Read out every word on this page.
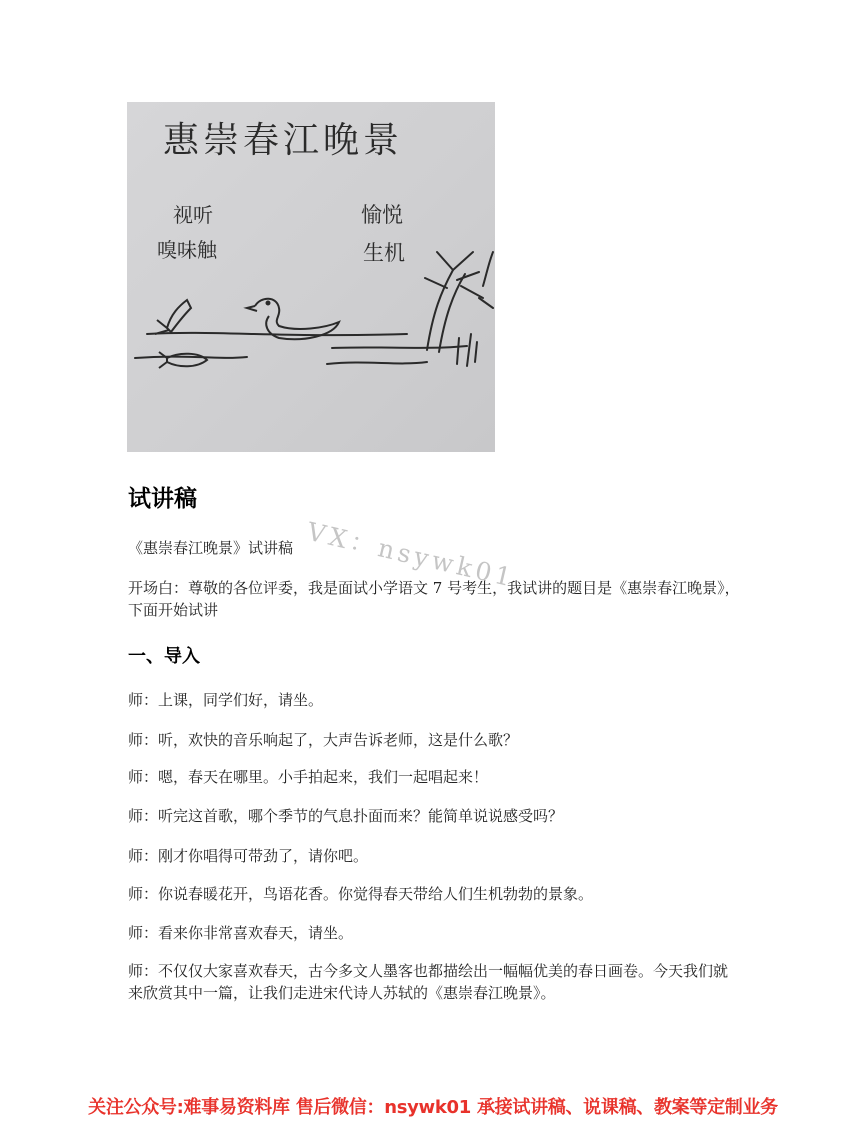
惠崇春江晚景
视听
嗅味触
愉悦
生机
试讲稿
VX：nsywk01
《惠崇春江晚景》试讲稿
开场白：尊敬的各位评委，我是面试小学语文 7 号考生，我试讲的题目是《惠崇春江晚景》，下面开始试讲
一、导入
师：上课，同学们好，请坐。
师：听，欢快的音乐响起了，大声告诉老师，这是什么歌？
师：嗯，春天在哪里。小手拍起来，我们一起唱起来！
师：听完这首歌，哪个季节的气息扑面而来？能简单说说感受吗？
师：刚才你唱得可带劲了，请你吧。
师：你说春暖花开，鸟语花香。你觉得春天带给人们生机勃勃的景象。
师：看来你非常喜欢春天，请坐。
师：不仅仅大家喜欢春天，古今多文人墨客也都描绘出一幅幅优美的春日画卷。今天我们就来欣赏其中一篇，让我们走进宋代诗人苏轼的《惠崇春江晚景》。
关注公众号:难事易资料库 售后微信：nsywk01 承接试讲稿、说课稿、教案等定制业务
